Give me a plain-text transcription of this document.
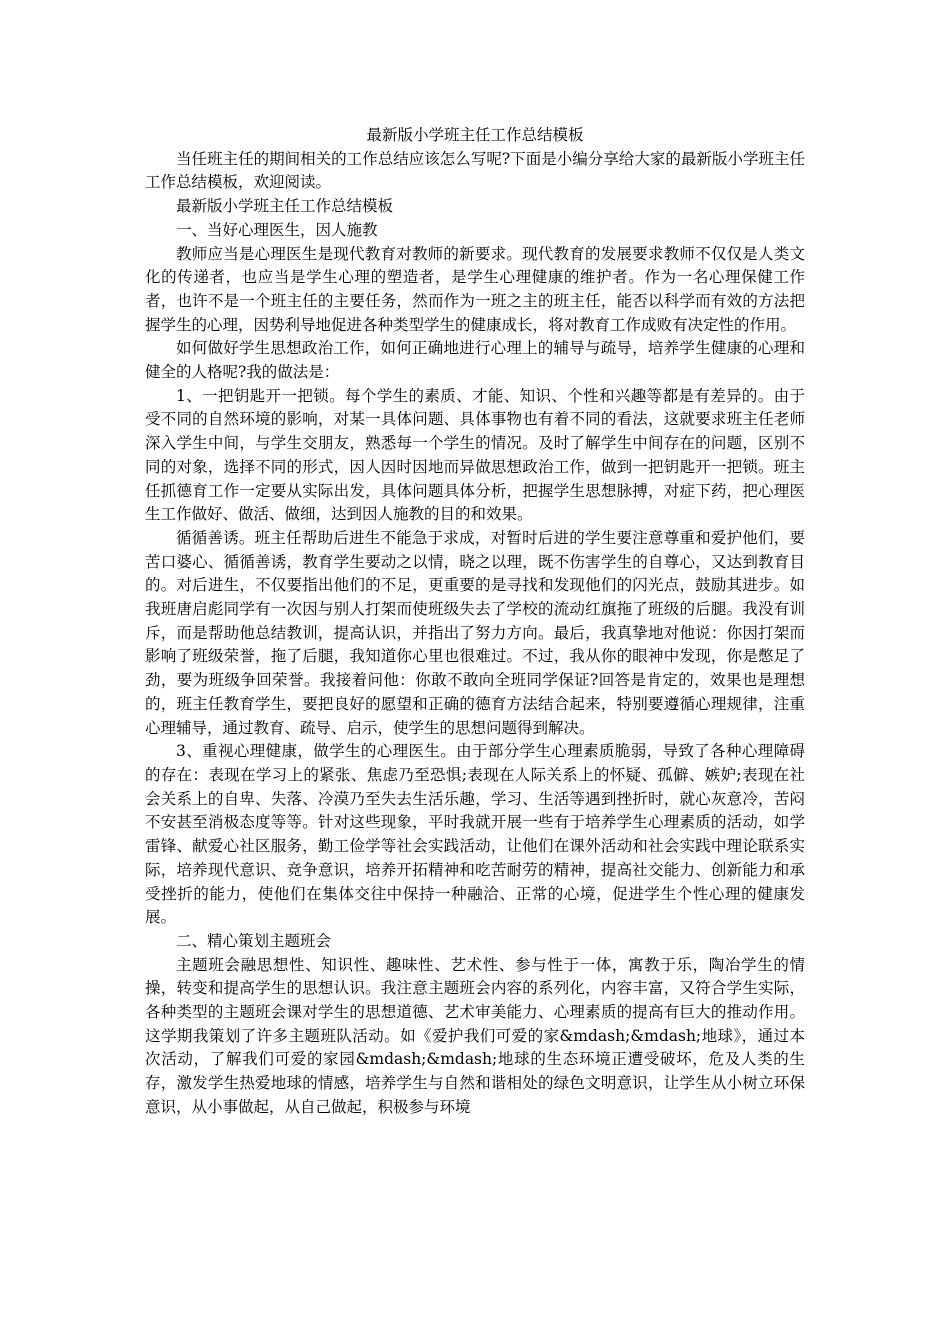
最新版小学班主任工作总结模板

当任班主任的期间相关的工作总结应该怎么写呢?下面是小编分享给大家的最新版小学班主任工作总结模板，欢迎阅读。

最新版小学班主任工作总结模板

一、当好心理医生，因人施教

教师应当是心理医生是现代教育对教师的新要求。现代教育的发展要求教师不仅仅是人类文化的传递者，也应当是学生心理的塑造者，是学生心理健康的维护者。作为一名心理保健工作者，也许不是一个班主任的主要任务，然而作为一班之主的班主任，能否以科学而有效的方法把握学生的心理，因势利导地促进各种类型学生的健康成长，将对教育工作成败有决定性的作用。

如何做好学生思想政治工作，如何正确地进行心理上的辅导与疏导，培养学生健康的心理和健全的人格呢?我的做法是：

1、一把钥匙开一把锁。每个学生的素质、才能、知识、个性和兴趣等都是有差异的。由于受不同的自然环境的影响，对某一具体问题、具体事物也有着不同的看法，这就要求班主任老师深入学生中间，与学生交朋友，熟悉每一个学生的情况。及时了解学生中间存在的问题，区别不同的对象，选择不同的形式，因人因时因地而异做思想政治工作，做到一把钥匙开一把锁。班主任抓德育工作一定要从实际出发，具体问题具体分析，把握学生思想脉搏，对症下药，把心理医生工作做好、做活、做细，达到因人施教的目的和效果。

循循善诱。班主任帮助后进生不能急于求成，对暂时后进的学生要注意尊重和爱护他们，要苦口婆心、循循善诱，教育学生要动之以情，晓之以理，既不伤害学生的自尊心，又达到教育目的。对后进生，不仅要指出他们的不足，更重要的是寻找和发现他们的闪光点，鼓励其进步。如我班唐启彪同学有一次因与别人打架而使班级失去了学校的流动红旗拖了班级的后腿。我没有训斥，而是帮助他总结教训，提高认识，并指出了努力方向。最后，我真挚地对他说：你因打架而影响了班级荣誉，拖了后腿，我知道你心里也很难过。不过，我从你的眼神中发现，你是憋足了劲，要为班级争回荣誉。我接着问他：你敢不敢向全班同学保证?回答是肯定的，效果也是理想的，班主任教育学生，要把良好的愿望和正确的德育方法结合起来，特别要遵循心理规律，注重心理辅导，通过教育、疏导、启示，使学生的思想问题得到解决。

3、重视心理健康，做学生的心理医生。由于部分学生心理素质脆弱，导致了各种心理障碍的存在：表现在学习上的紧张、焦虑乃至恐惧;表现在人际关系上的怀疑、孤僻、嫉妒;表现在社会关系上的自卑、失落、冷漠乃至失去生活乐趣，学习、生活等遇到挫折时，就心灰意冷，苦闷不安甚至消极态度等等。针对这些现象，平时我就开展一些有于培养学生心理素质的活动，如学雷锋、献爱心社区服务，勤工俭学等社会实践活动，让他们在课外活动和社会实践中理论联系实际，培养现代意识、竞争意识，培养开拓精神和吃苦耐劳的精神，提高社交能力、创新能力和承受挫折的能力，使他们在集体交往中保持一种融洽、正常的心境，促进学生个性心理的健康发展。

二、精心策划主题班会

主题班会融思想性、知识性、趣味性、艺术性、参与性于一体，寓教于乐，陶冶学生的情操，转变和提高学生的思想认识。我注意主题班会内容的系列化，内容丰富，又符合学生实际，各种类型的主题班会课对学生的思想道德、艺术审美能力、心理素质的提高有巨大的推动作用。这学期我策划了许多主题班队活动。如《爱护我们可爱的家&mdash;&mdash;地球》，通过本次活动，了解我们可爱的家园&mdash;&mdash;地球的生态环境正遭受破坏，危及人类的生存，激发学生热爱地球的情感，培养学生与自然和谐相处的绿色文明意识，让学生从小树立环保意识，从小事做起，从自己做起，积极参与环境
